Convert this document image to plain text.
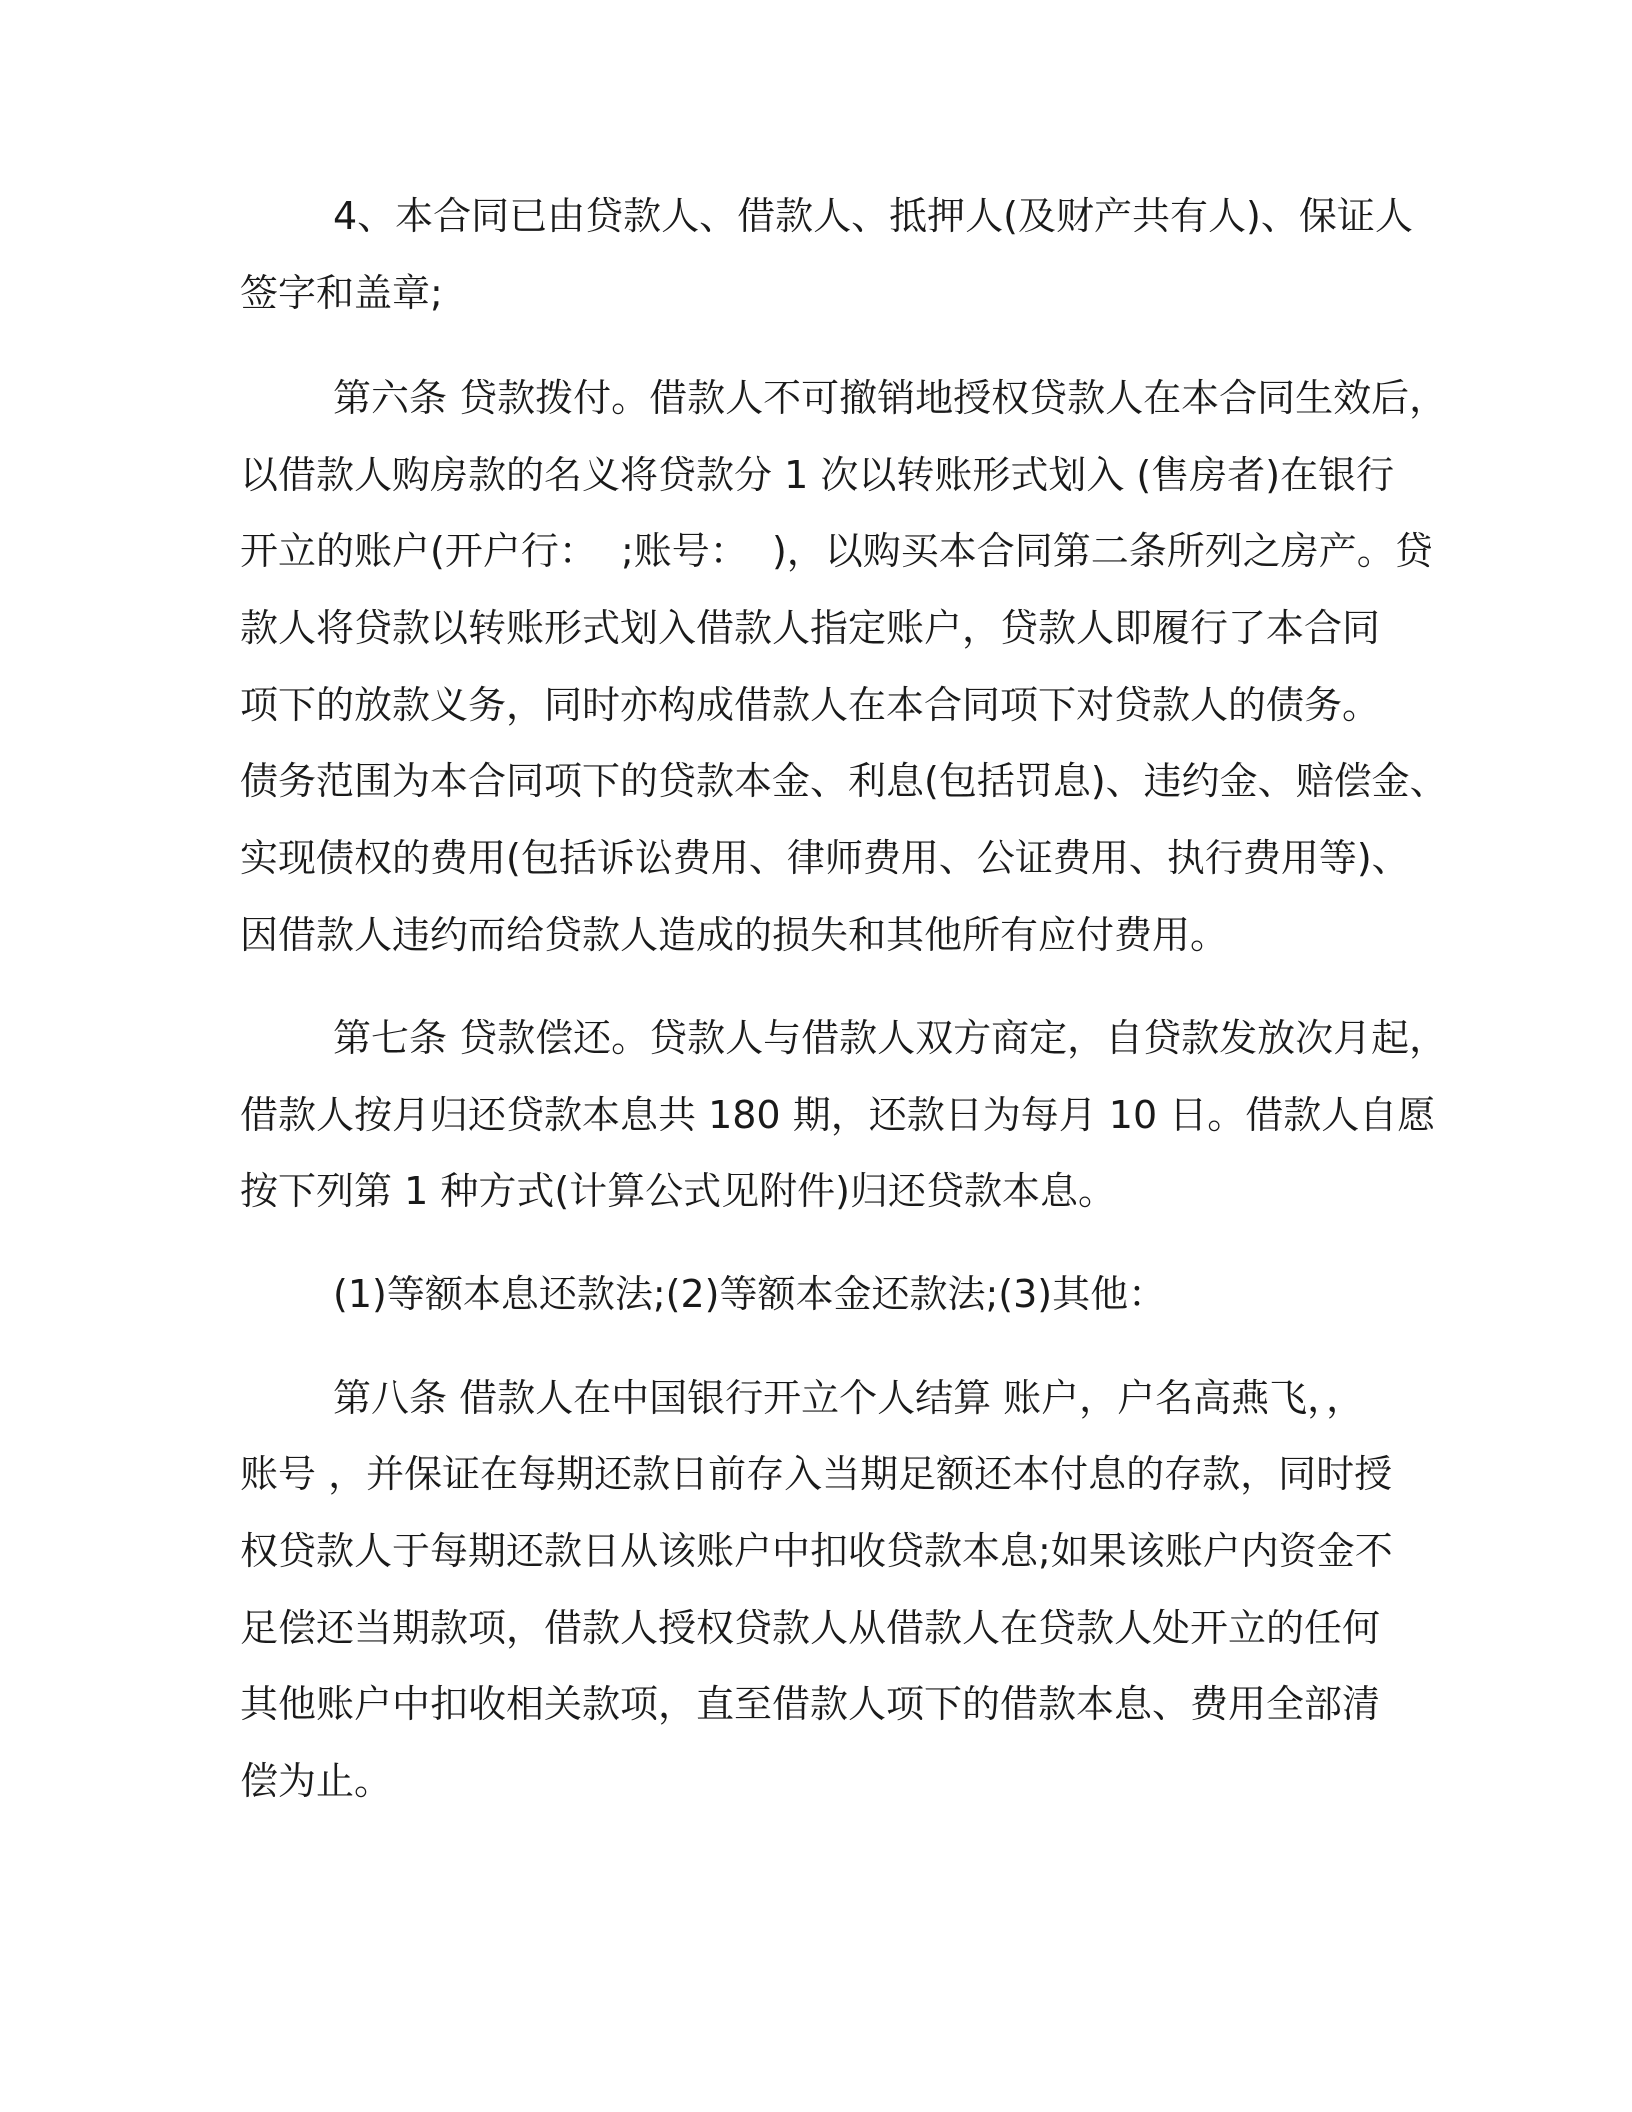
4、本合同已由贷款人、借款人、抵押人(及财产共有人)、保证人

签字和盖章;

第六条 贷款拨付。借款人不可撤销地授权贷款人在本合同生效后，

以借款人购房款的名义将贷款分 1 次以转账形式划入 (售房者)在银行

开立的账户(开户行：  ;账号：  )，以购买本合同第二条所列之房产。贷

款人将贷款以转账形式划入借款人指定账户，贷款人即履行了本合同

项下的放款义务，同时亦构成借款人在本合同项下对贷款人的债务。

债务范围为本合同项下的贷款本金、利息(包括罚息)、违约金、赔偿金、

实现债权的费用(包括诉讼费用、律师费用、公证费用、执行费用等)、

因借款人违约而给贷款人造成的损失和其他所有应付费用。

第七条 贷款偿还。贷款人与借款人双方商定，自贷款发放次月起，

借款人按月归还贷款本息共 180 期，还款日为每月 10 日。借款人自愿

按下列第 1 种方式(计算公式见附件)归还贷款本息。

(1)等额本息还款法;(2)等额本金还款法;(3)其他：

第八条 借款人在中国银行开立个人结算 账户，户名高燕飞，，

账号 ，并保证在每期还款日前存入当期足额还本付息的存款，同时授

权贷款人于每期还款日从该账户中扣收贷款本息;如果该账户内资金不

足偿还当期款项，借款人授权贷款人从借款人在贷款人处开立的任何

其他账户中扣收相关款项，直至借款人项下的借款本息、费用全部清

偿为止。
